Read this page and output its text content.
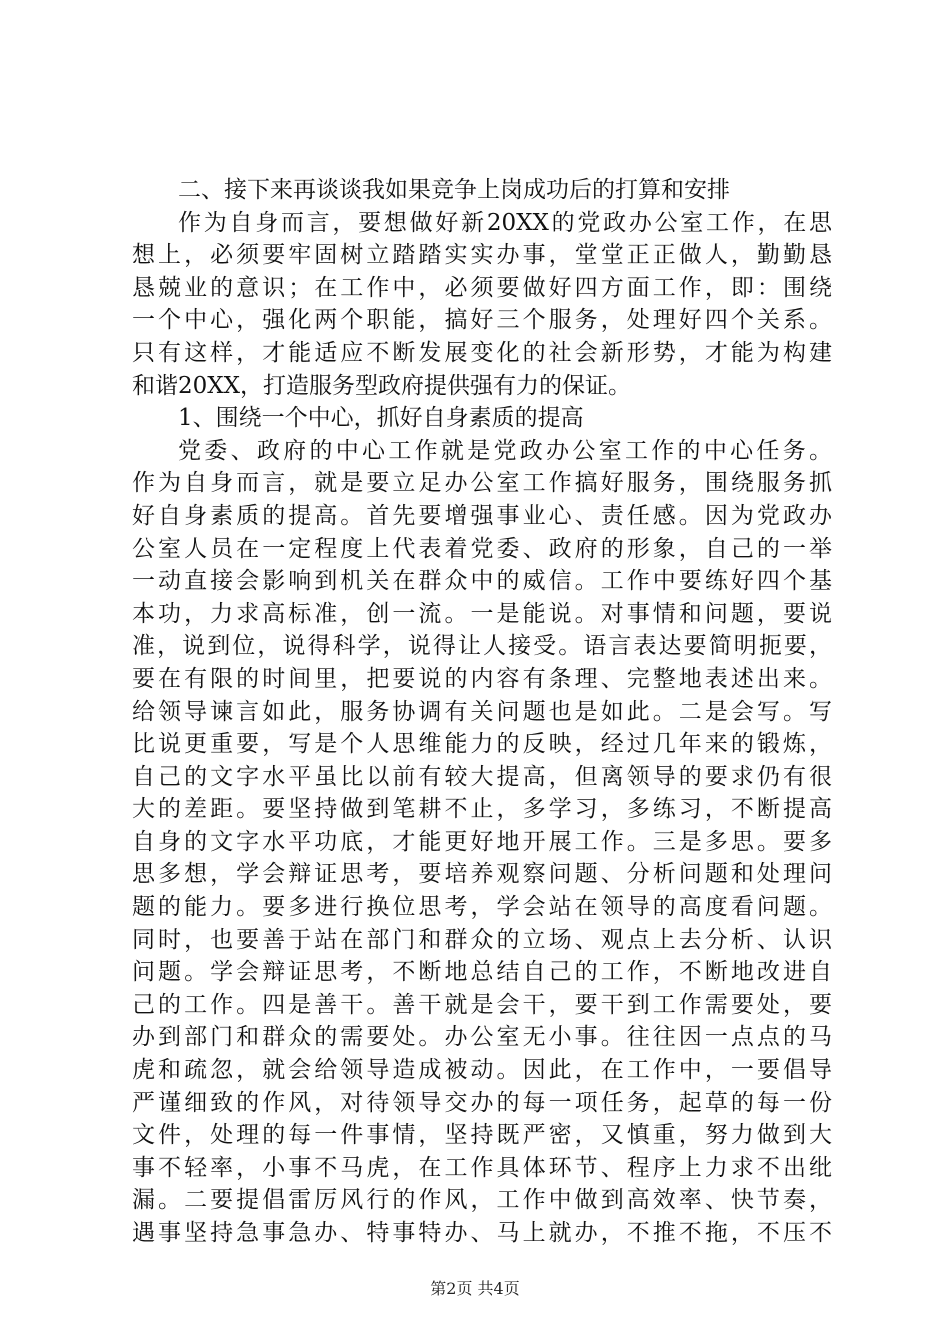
二、接下来再谈谈我如果竞争上岗成功后的打算和安排
作为自身而言，要想做好新20XX的党政办公室工作，在思
想上，必须要牢固树立踏踏实实办事，堂堂正正做人，勤勤恳
恳兢业的意识；在工作中，必须要做好四方面工作，即：围绕
一个中心，强化两个职能，搞好三个服务，处理好四个关系。
只有这样，才能适应不断发展变化的社会新形势，才能为构建
和谐20XX，打造服务型政府提供强有力的保证。
1、围绕一个中心，抓好自身素质的提高
党委、政府的中心工作就是党政办公室工作的中心任务。
作为自身而言，就是要立足办公室工作搞好服务，围绕服务抓
好自身素质的提高。首先要增强事业心、责任感。因为党政办
公室人员在一定程度上代表着党委、政府的形象，自己的一举
一动直接会影响到机关在群众中的威信。工作中要练好四个基
本功，力求高标准，创一流。一是能说。对事情和问题，要说
准，说到位，说得科学，说得让人接受。语言表达要简明扼要，
要在有限的时间里，把要说的内容有条理、完整地表述出来。
给领导谏言如此，服务协调有关问题也是如此。二是会写。写
比说更重要，写是个人思维能力的反映，经过几年来的锻炼，
自己的文字水平虽比以前有较大提高，但离领导的要求仍有很
大的差距。要坚持做到笔耕不止，多学习，多练习，不断提高
自身的文字水平功底，才能更好地开展工作。三是多思。要多
思多想，学会辩证思考，要培养观察问题、分析问题和处理问
题的能力。要多进行换位思考，学会站在领导的高度看问题。
同时，也要善于站在部门和群众的立场、观点上去分析、认识
问题。学会辩证思考，不断地总结自己的工作，不断地改进自
己的工作。四是善干。善干就是会干，要干到工作需要处，要
办到部门和群众的需要处。办公室无小事。往往因一点点的马
虎和疏忽，就会给领导造成被动。因此，在工作中，一要倡导
严谨细致的作风，对待领导交办的每一项任务，起草的每一份
文件，处理的每一件事情，坚持既严密，又慎重，努力做到大
事不轻率，小事不马虎，在工作具体环节、程序上力求不出纰
漏。二要提倡雷厉风行的作风，工作中做到高效率、快节奏，
遇事坚持急事急办、特事特办、马上就办，不推不拖，不压不
第2页 共4页
